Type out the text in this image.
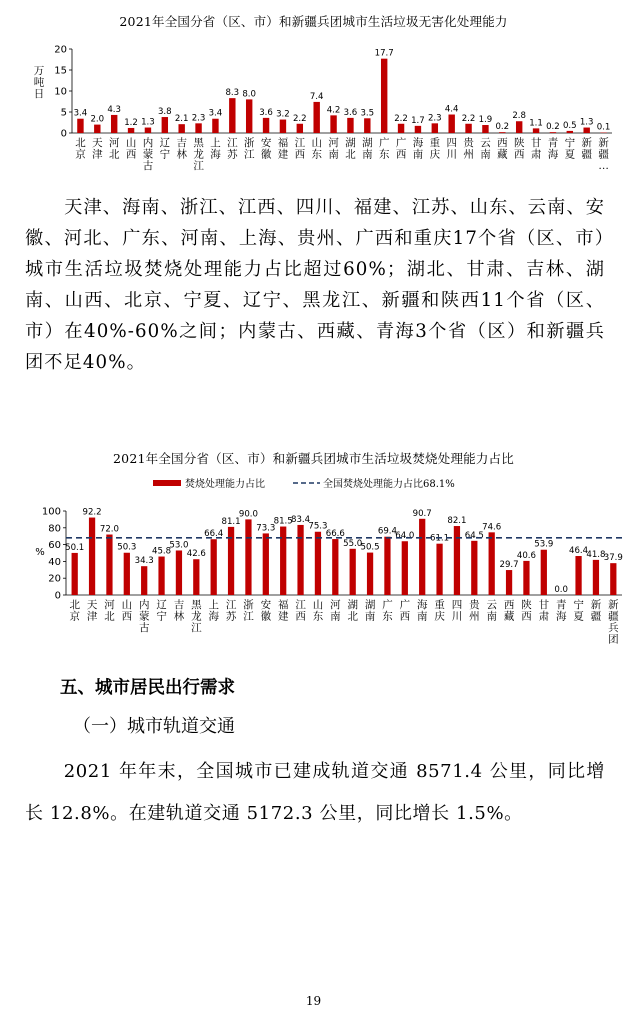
2021年全国分省（区、市）和新疆兵团城市生活垃圾无害化处理能力
0
5
10
15
20
3.4
2.0
4.3
1.2 1.3
3.8
2.1 2.3 3.4
8.3 8.0
3.6 3.2 2.2
7.4
4.2 3.6 3.5
17.7
2.2 1.7 2.3
4.4
2.2 1.9
0.2
2.8
1.1 0.2 0.5 1.3
0.1
北京
天津
河北
山西
内蒙古
辽宁
吉林
黑龙江
上海
江苏
浙江
安徽
福建
江西
山东
河南
湖北
湖南
广东
广西
海南
重庆
四川
贵州
云南
西藏
陕西
甘肃
青海
宁夏
新疆
新疆…
万吨日
天津、海南、浙江、江西、四川、福建、江苏、山东、云南、安徽、河北、广东、河南、上海、贵州、广西和重庆17个省（区、市）城市生活垃圾焚烧处理能力占比超过60%；湖北、甘肃、吉林、湖南、山西、北京、宁夏、辽宁、黑龙江、新疆和陕西11个省（区、市）在40%-60%之间；内蒙古、西藏、青海3个省（区）和新疆兵团不足40%。
2021年全国分省（区、市）和新疆兵团城市生活垃圾焚烧处理能力占比
0
20
40
60
80
100
50.1
92.2
72.0
50.3
34.3
45.8
53.0
42.6
66.4
81.1
90.0
73.3
81.5
83.4
75.3
66.6
55.0
50.5
69.4
64.0
90.7
61.1
82.1
64.5
74.6
29.7
40.6
53.9
0.0
46.4
41.8
37.9
北京
天津
河北
山西
内蒙古
辽宁
吉林
黑龙江
上海
江苏
浙江
安徽
福建
江西
山东
河南
湖北
湖南
广东
广西
海南
重庆
四川
贵州
云南
西藏
陕西
甘肃
青海
宁夏
新疆
新疆兵团
%
焚烧处理能力占比	全国焚烧处理能力占比68.1%
五、城市居民出行需求
（一）城市轨道交通
2021 年年末，全国城市已建成轨道交通 8571.4 公里，同比增长 12.8%。在建轨道交通 5172.3 公里，同比增长 1.5%。
19
